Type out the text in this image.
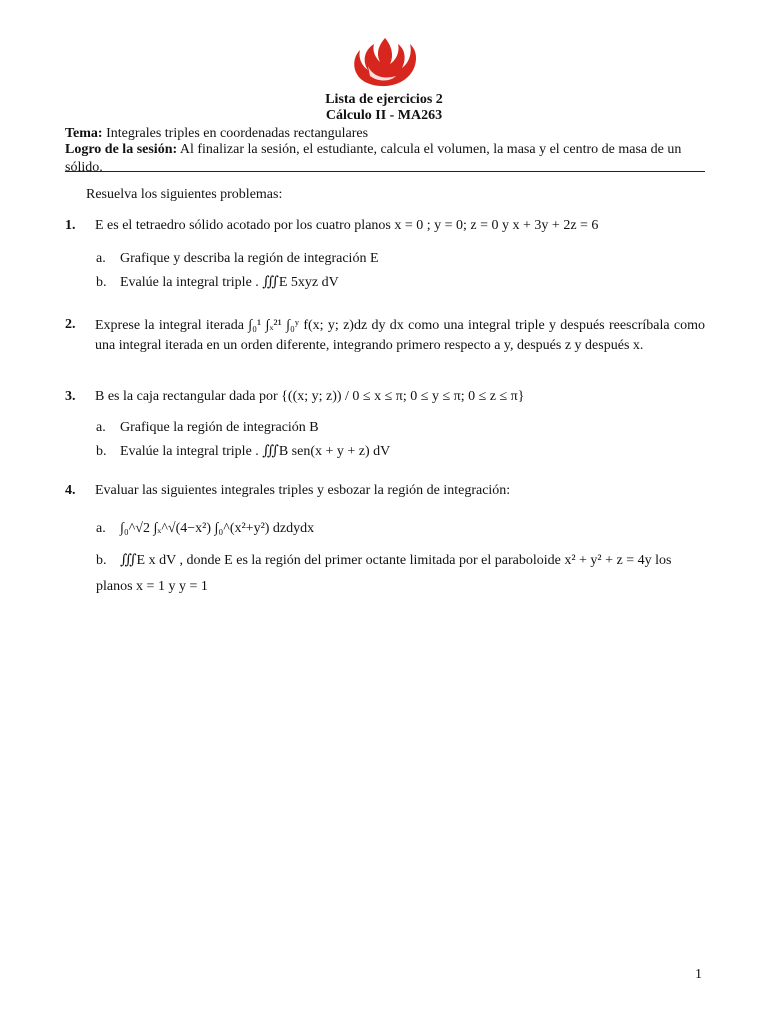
Lista de ejercicios 2
Cálculo II - MA263
Tema: Integrales triples en coordenadas rectangulares
Logro de la sesión: Al finalizar la sesión, el estudiante, calcula el volumen, la masa y el centro de masa de un sólido.
Resuelva los siguientes problemas:
1. E es el tetraedro sólido acotado por los cuatro planos x = 0 ; y = 0; z = 0 y x + 3y + 2z = 6
a. Grafique y describa la región de integración E
b. Evalúe la integral triple . ∭E 5xyz dV
2. Exprese la integral iterada ∫₀¹ ∫ₓ²¹ ∫₀ʸ f(x; y; z)dz dy dx como una integral triple y después reescríbala como una integral iterada en un orden diferente, integrando primero respecto a y, después z y después x.
3. B es la caja rectangular dada por {((x; y; z)) / 0 ≤ x ≤ π; 0 ≤ y ≤ π; 0 ≤ z ≤ π}
a. Grafique la región de integración B
b. Evalúe la integral triple . ∭B sen(x + y + z) dV
4. Evaluar las siguientes integrales triples y esbozar la región de integración:
a. ∫₀^√2 ∫ₓ^√(4−x²) ∫₀^(x²+y²) dzdydx
b. ∭E x dV , donde E es la región del primer octante limitada por el paraboloide x² + y² + z = 4y los planos x = 1 y y = 1
1
